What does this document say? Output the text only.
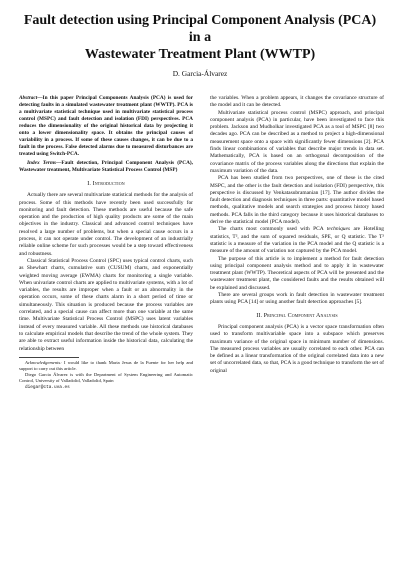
Fault detection using Principal Component Analysis (PCA) in a
Wastewater Treatment Plant (WWTP)
D. Garcia-Álvarez

Abstract—In this paper Principal Components Analysis (PCA) is used for detecting faults in a simulated wastewater treatment plant (WWTP). PCA is a multivariate statistical technique used in multivariate statistical process control (MSPC) and fault detection and isolation (FDI) perspectives. PCA reduces the dimensionality of the original historical data by projecting it onto a lower dimensionality space. It obtains the principal causes of variability in a process. If some of these causes changes, it can be due to a fault in the process. False detected alarms due to measured disturbances are treated using Switch-PCA.

Index Terms—Fault detection, Principal Component Analysis (PCA), Wastewater treatment, Multivariate Statistical Process Control (MSP)

I. Introduction

Actually there are several multivariate statistical methods for the analysis of process. Some of this methods have recently been used successfully for monitoring and fault detection. These methods are useful because the safe operation and the production of high quality products are some of the main objectives in the industry. Classical and advanced control techniques have resolved a large number of problems, but when a special cause occurs in a process, it can not operate under control. The development of an industrially reliable online scheme for such processes would be a step toward effectiveness and robustness.

Classical Statistical Process Control (SPC) uses typical control charts, such as Shewhart charts, cumulative sum (CUSUM) charts, and exponentially weighted moving average (EWMA) charts for monitoring a single variable. When univariate control charts are applied to multivariate systems, with a lot of variables, the results are improper when a fault or an abnormality in the operation occurs, some of these charts alarm in a short period of time or simultaneously. This situation is produced because the process variables are correlated, and a special cause can affect more than one variable at the same time. Multivariate Statistical Process Control (MSPC) uses latent variables instead of every measured variable. All these methods use historical databases to calculate empirical models that describe the trend of the whole system. They are able to extract useful information inside the historical data, calculating the relationship between

Acknowledgements: I would like to thank Maria Jesus de la Fuente for her help and support to carry out this article.

Diego Garcia Álvarez is with the Department of System Engineering and Automatic Control, University of Valladolid, Valladolid, Spain

diegar@cta.uva.es

the variables. When a problem appears, it changes the covariance structure of the model and it can be detected.

Multivariate statistical process control (MSPC) approach, and principal component analysis (PCA) in particular, have been investigated to face this problem. Jackson and Mudholkar investigated PCA as a tool of MSPC [8] two decades ago. PCA can be described as a method to project a high-dimensional measurement space onto a space with significantly fewer dimensions [2]. PCA finds linear combinations of variables that describe major trends in data set. Mathematically, PCA is based on an orthogonal decomposition of the covariance matrix of the process variables along the directions that explain the maximum variation of the data.

PCA has been studied from two perspectives, one of these is the cited MSPC, and the other is the fault detection and isolation (FDI) perspective, this perspective is discussed by Venkatasubramanian [17]. The author divides the fault detection and diagnosis techniques in three parts: quantitative model based methods, qualitative models and search strategies and process history based methods. PCA falls in the third category because it uses historical databases to derive the statistical model (PCA model).

The charts most commonly used with PCA techniques are Hotelling statistics, T², and the sum of squared residuals, SPE, or Q statistic. The T² statistic is a measure of the variation in the PCA model and the Q statistic is a measure of the amount of variation not captured by the PCA model.

The purpose of this article is to implement a method for fault detection using principal component analysis method and to apply it in wastewater treatment plant (WWTP). Theoretical aspects of PCA will be presented and the wastewater treatment plant, the considered faults and the results obtained will be explained and discussed.

There are several groups work in fault detection in wastewater treatment plants using PCA [14] or using another fault detection approaches [5].

II. Principal Component Analysis

Principal component analysis (PCA) is a vector space transformation often used to transform multivariable space into a subspace which preserves maximum variance of the original space in minimum number of dimensions. The measured process variables are usually correlated to each other. PCA can be defined as a linear transformation of the original correlated data into a new set of uncorrelated data, so that, PCA is a good technique to transform the set of original
